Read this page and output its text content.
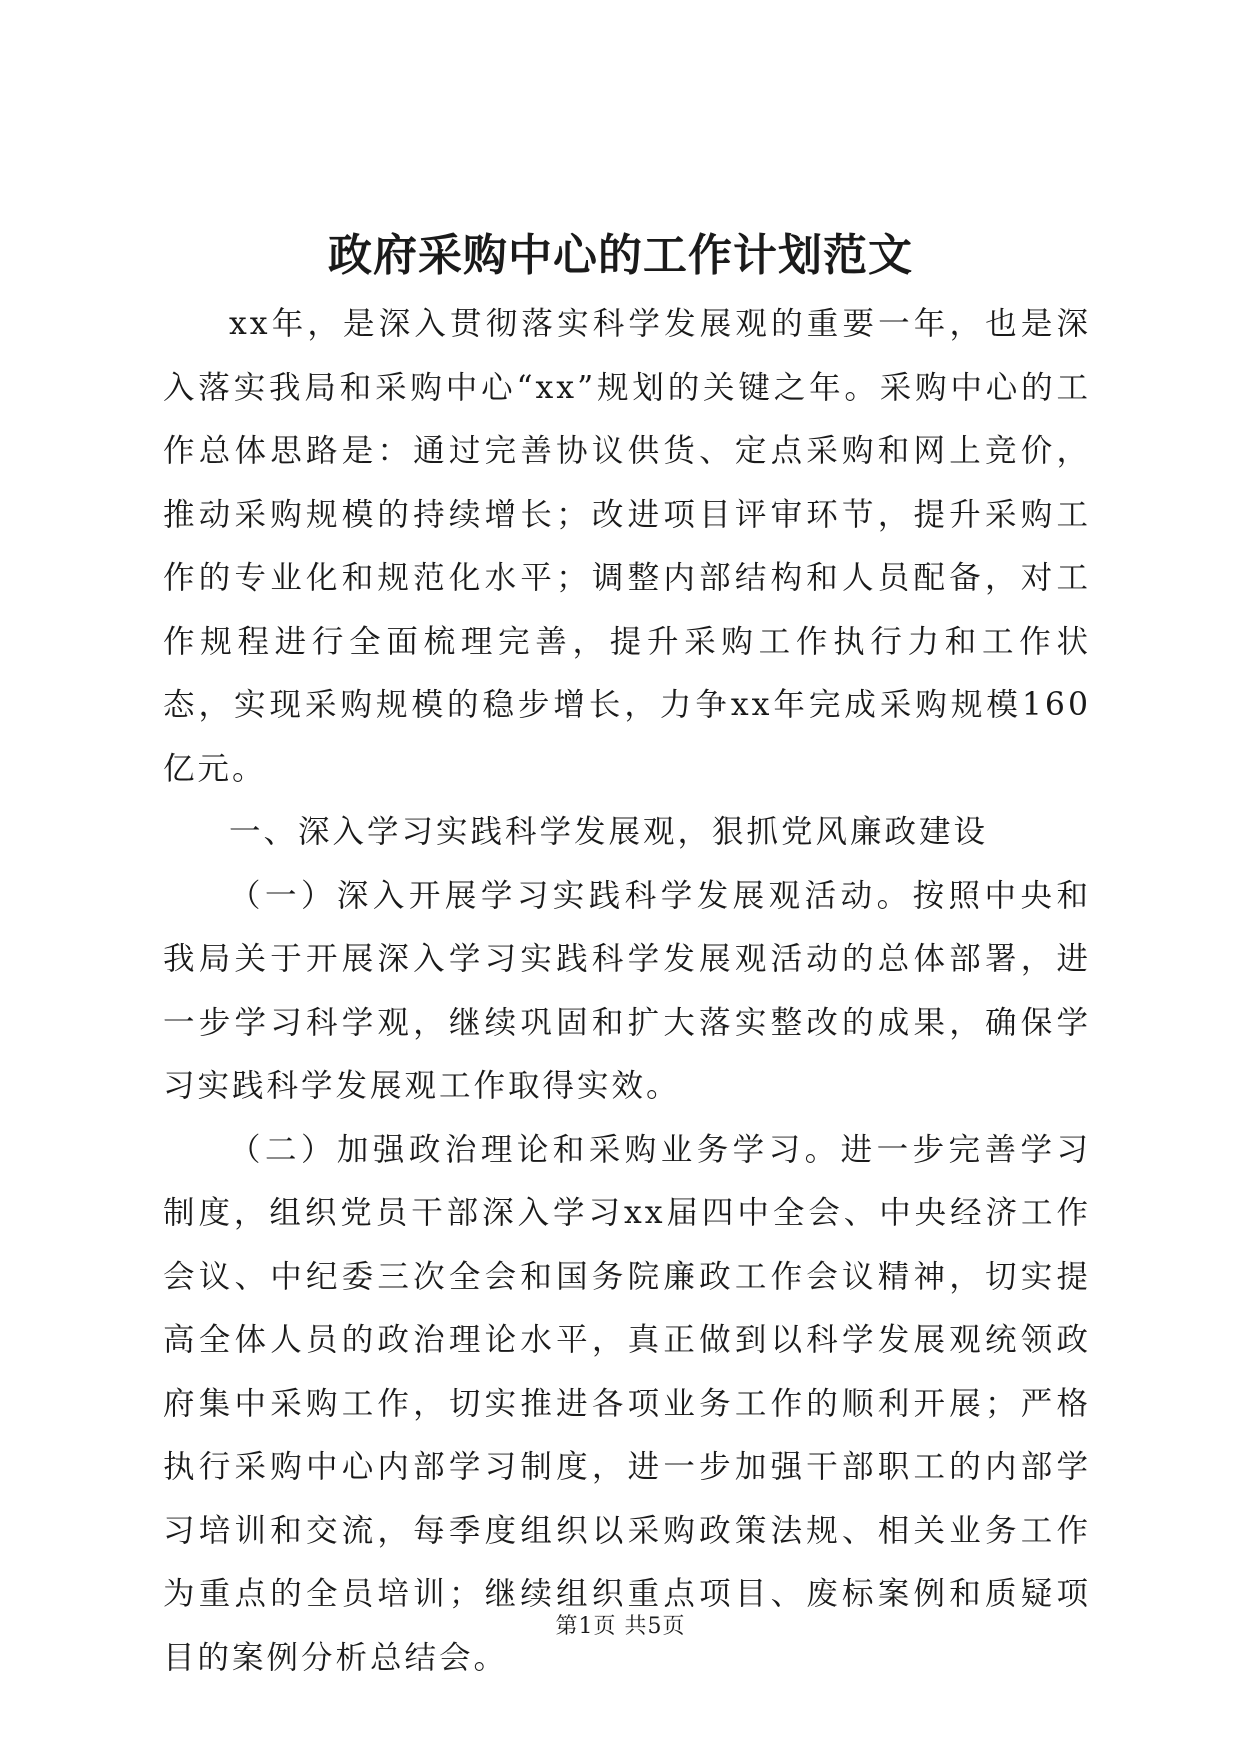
政府采购中心的工作计划范文

xx年，是深入贯彻落实科学发展观的重要一年，也是深入落实我局和采购中心“xx”规划的关键之年。采购中心的工作总体思路是：通过完善协议供货、定点采购和网上竞价，推动采购规模的持续增长；改进项目评审环节，提升采购工作的专业化和规范化水平；调整内部结构和人员配备，对工作规程进行全面梳理完善，提升采购工作执行力和工作状态，实现采购规模的稳步增长，力争xx年完成采购规模160亿元。

一、深入学习实践科学发展观，狠抓党风廉政建设

（一）深入开展学习实践科学发展观活动。按照中央和我局关于开展深入学习实践科学发展观活动的总体部署，进一步学习科学观，继续巩固和扩大落实整改的成果，确保学习实践科学发展观工作取得实效。

（二）加强政治理论和采购业务学习。进一步完善学习制度，组织党员干部深入学习xx届四中全会、中央经济工作会议、中纪委三次全会和国务院廉政工作会议精神，切实提高全体人员的政治理论水平，真正做到以科学发展观统领政府集中采购工作，切实推进各项业务工作的顺利开展；严格执行采购中心内部学习制度，进一步加强干部职工的内部学习培训和交流，每季度组织以采购政策法规、相关业务工作为重点的全员培训；继续组织重点项目、废标案例和质疑项目的案例分析总结会。

第1页 共5页
